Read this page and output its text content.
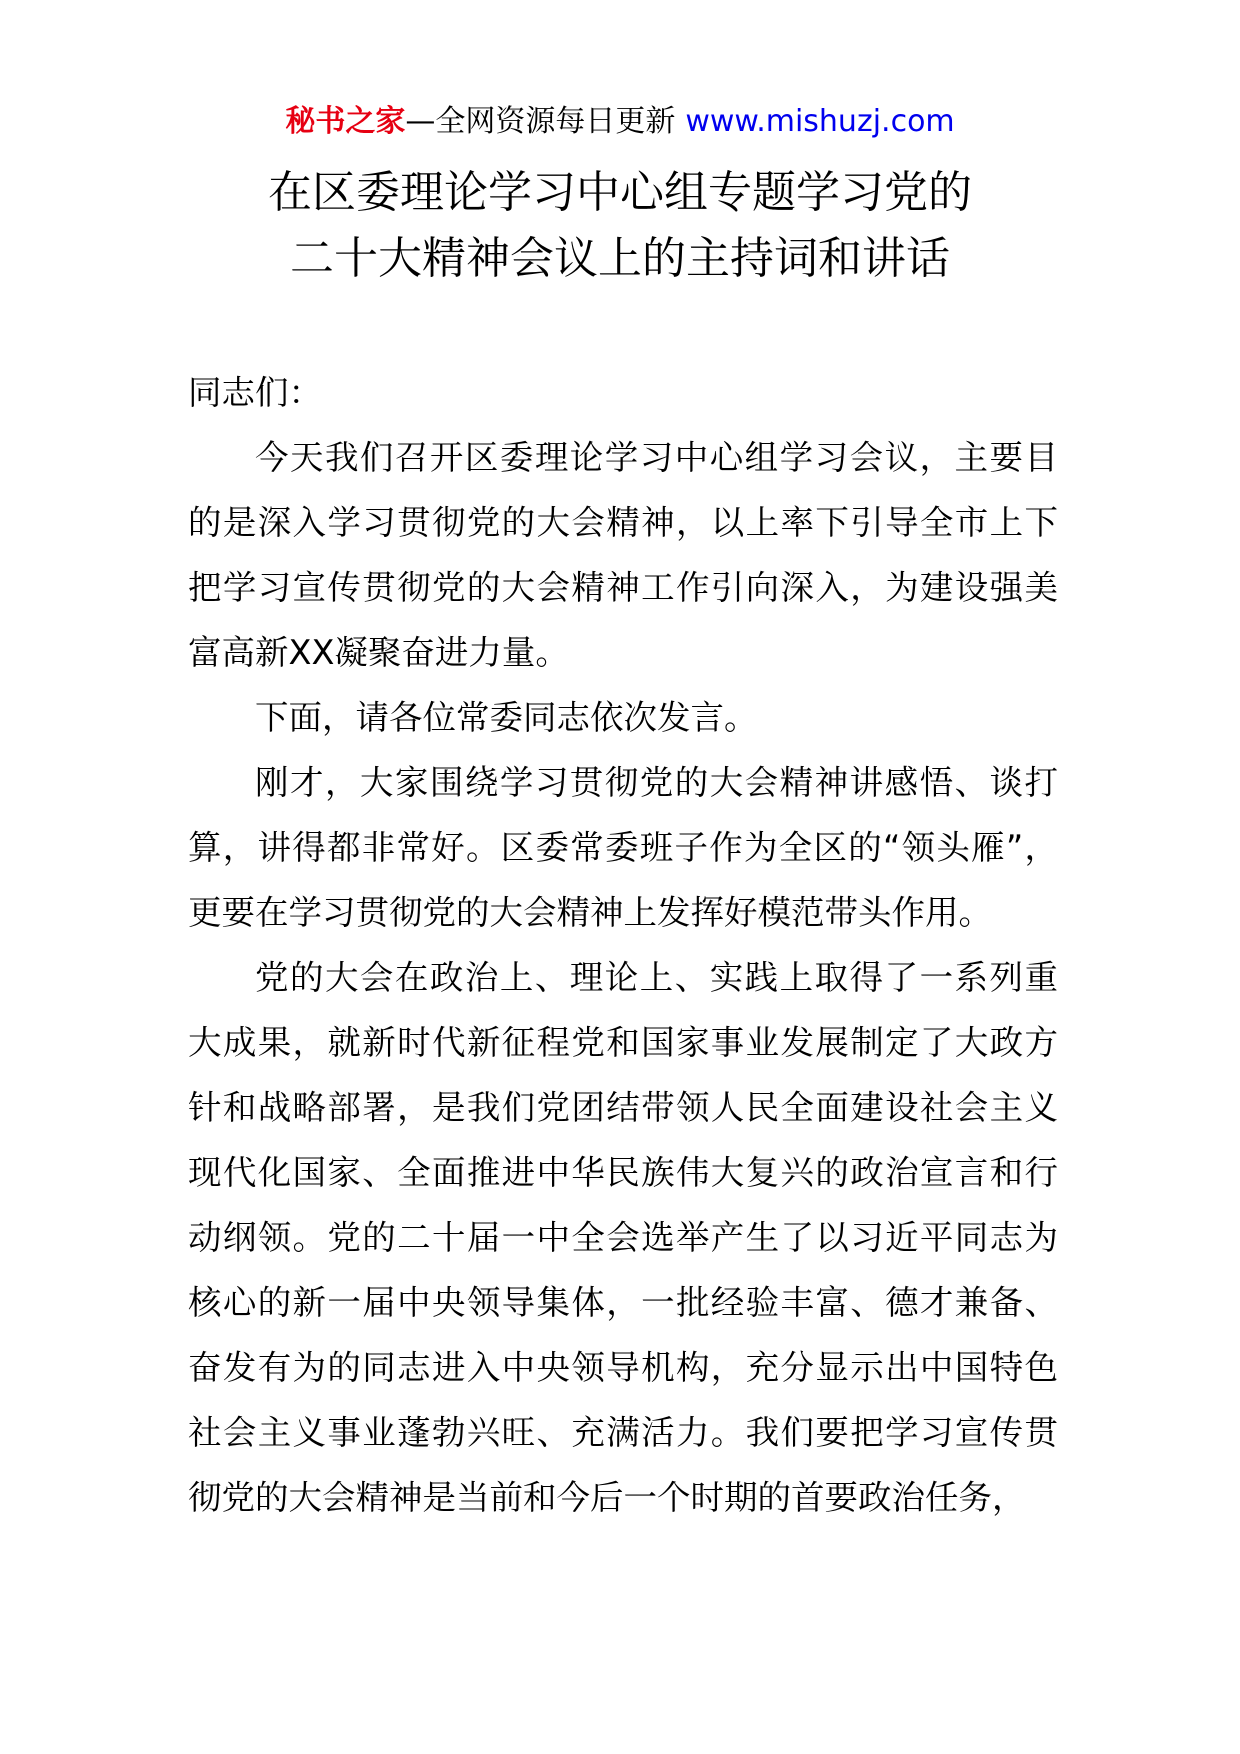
秘书之家—全网资源每日更新 www.mishuzj.com
在区委理论学习中心组专题学习党的
二十大精神会议上的主持词和讲话

同志们：

今天我们召开区委理论学习中心组学习会议，主要目的是深入学习贯彻党的大会精神，以上率下引导全市上下把学习宣传贯彻党的大会精神工作引向深入，为建设强美富高新XX凝聚奋进力量。

下面，请各位常委同志依次发言。

刚才，大家围绕学习贯彻党的大会精神讲感悟、谈打算，讲得都非常好。区委常委班子作为全区的“领头雁”，更要在学习贯彻党的大会精神上发挥好模范带头作用。

党的大会在政治上、理论上、实践上取得了一系列重大成果，就新时代新征程党和国家事业发展制定了大政方针和战略部署，是我们党团结带领人民全面建设社会主义现代化国家、全面推进中华民族伟大复兴的政治宣言和行动纲领。党的二十届一中全会选举产生了以习近平同志为核心的新一届中央领导集体，一批经验丰富、德才兼备、奋发有为的同志进入中央领导机构，充分显示出中国特色社会主义事业蓬勃兴旺、充满活力。我们要把学习宣传贯彻党的大会精神是当前和今后一个时期的首要政治任务，
